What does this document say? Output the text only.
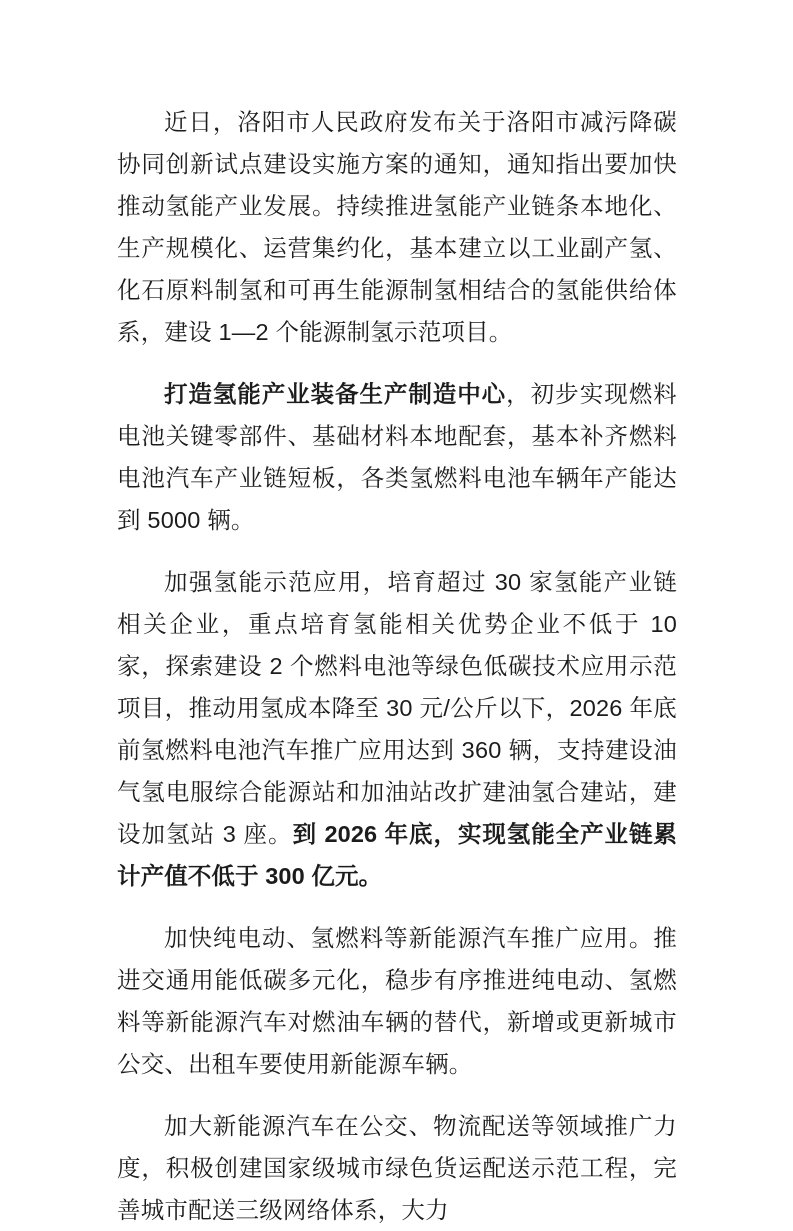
近日，洛阳市人民政府发布关于洛阳市减污降碳协同创新试点建设实施方案的通知，通知指出要加快推动氢能产业发展。持续推进氢能产业链条本地化、生产规模化、运营集约化，基本建立以工业副产氢、化石原料制氢和可再生能源制氢相结合的氢能供给体系，建设 1—2 个能源制氢示范项目。

打造氢能产业装备生产制造中心，初步实现燃料电池关键零部件、基础材料本地配套，基本补齐燃料电池汽车产业链短板，各类氢燃料电池车辆年产能达到 5000 辆。

加强氢能示范应用，培育超过 30 家氢能产业链相关企业，重点培育氢能相关优势企业不低于 10 家，探索建设 2 个燃料电池等绿色低碳技术应用示范项目，推动用氢成本降至 30 元/公斤以下，2026 年底前氢燃料电池汽车推广应用达到 360 辆，支持建设油气氢电服综合能源站和加油站改扩建油氢合建站，建设加氢站 3 座。到 2026 年底，实现氢能全产业链累计产值不低于 300 亿元。

加快纯电动、氢燃料等新能源汽车推广应用。推进交通用能低碳多元化，稳步有序推进纯电动、氢燃料等新能源汽车对燃油车辆的替代，新增或更新城市公交、出租车要使用新能源车辆。

加大新能源汽车在公交、物流配送等领域推广力度，积极创建国家级城市绿色货运配送示范工程，完善城市配送三级网络体系，大力
